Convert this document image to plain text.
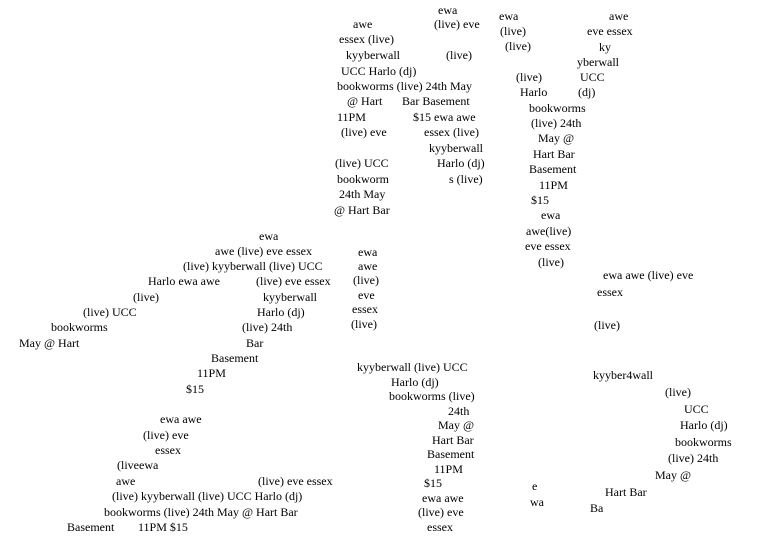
ewa
awe	(live) eve
essex (live)
kyyberwall	(live)
UCC Harlo (dj)
bookworms (live) 24th May
@ Hart Bar Basement
11PM	$15 ewa awe
(live) eve	essex (live)
kyyberwall
(live) UCC	Harlo (dj)
bookworm	s (live)
24th May
@ Hart Bar
ewa
(live)
(live)
awe
eve essex
ky
yberwall
(live)	UCC
Harlo	(dj)
bookworms
(live) 24th
May @
Hart Bar
Basement
11PM
$15
ewa
awe(live)
eve essex
(live)
ewa
awe (live) eve essex
(live) kyyberwall (live) UCC
Harlo ewa awe	(live) eve essex
(live)	kyyberwall
(live) UCC	Harlo (dj)
bookworms	(live) 24th
May @ Hart	Bar
Basement
11PM
$15
ewa
awe
(live)
eve
essex
(live)
ewa awe (live) eve
essex
(live)
kyyberwall (live) UCC
Harlo (dj)
bookworms (live)
24th
May @
Hart Bar
Basement
11PM
$15
ewa awe
(live) eve
essex
kyyber4wall
(live)
UCC
Harlo (dj)
bookworms
(live) 24th
May @
Hart Bar
Ba
e
wa
ewa awe
(live) eve
essex
(liveewa
awe	(live) eve essex
(live) kyyberwall (live) UCC Harlo (dj)
bookworms (live) 24th May @ Hart Bar
Basement 11PM $15
